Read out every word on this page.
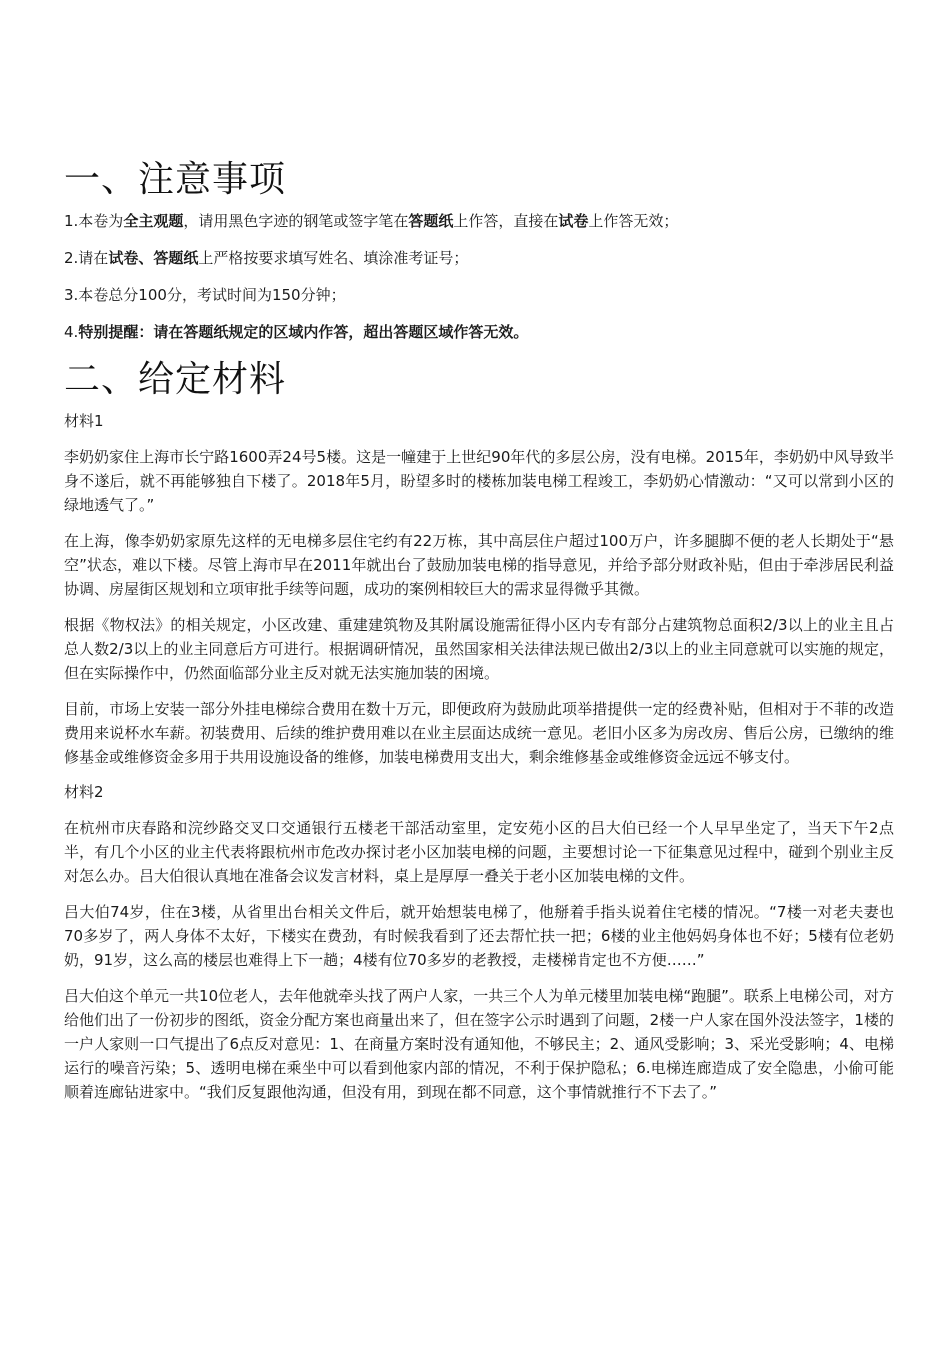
一、注意事项

1.本卷为全主观题，请用黑色字迹的钢笔或签字笔在答题纸上作答，直接在试卷上作答无效；

2.请在试卷、答题纸上严格按要求填写姓名、填涂准考证号；

3.本卷总分100分，考试时间为150分钟；

4.特别提醒：请在答题纸规定的区域内作答，超出答题区域作答无效。

二、给定材料

材料1

李奶奶家住上海市长宁路1600弄24号5楼。这是一幢建于上世纪90年代的多层公房，没有电梯。2015年，李奶奶中风导致半身不遂后，就不再能够独自下楼了。2018年5月，盼望多时的楼栋加装电梯工程竣工，李奶奶心情激动：“又可以常到小区的绿地透气了。”

在上海，像李奶奶家原先这样的无电梯多层住宅约有22万栋，其中高层住户超过100万户，许多腿脚不便的老人长期处于“悬空”状态，难以下楼。尽管上海市早在2011年就出台了鼓励加装电梯的指导意见，并给予部分财政补贴，但由于牵涉居民利益协调、房屋街区规划和立项审批手续等问题，成功的案例相较巨大的需求显得微乎其微。

根据《物权法》的相关规定，小区改建、重建建筑物及其附属设施需征得小区内专有部分占建筑物总面积2/3以上的业主且占总人数2/3以上的业主同意后方可进行。根据调研情况，虽然国家相关法律法规已做出2/3以上的业主同意就可以实施的规定，但在实际操作中，仍然面临部分业主反对就无法实施加装的困境。

目前，市场上安装一部分外挂电梯综合费用在数十万元，即便政府为鼓励此项举措提供一定的经费补贴，但相对于不菲的改造费用来说杯水车薪。初装费用、后续的维护费用难以在业主层面达成统一意见。老旧小区多为房改房、售后公房，已缴纳的维修基金或维修资金多用于共用设施设备的维修，加装电梯费用支出大，剩余维修基金或维修资金远远不够支付。

材料2

在杭州市庆春路和浣纱路交叉口交通银行五楼老干部活动室里，定安苑小区的吕大伯已经一个人早早坐定了，当天下午2点半，有几个小区的业主代表将跟杭州市危改办探讨老小区加装电梯的问题，主要想讨论一下征集意见过程中，碰到个别业主反对怎么办。吕大伯很认真地在准备会议发言材料，桌上是厚厚一叠关于老小区加装电梯的文件。

吕大伯74岁，住在3楼，从省里出台相关文件后，就开始想装电梯了，他掰着手指头说着住宅楼的情况。“7楼一对老夫妻也70多岁了，两人身体不太好，下楼实在费劲，有时候我看到了还去帮忙扶一把；6楼的业主他妈妈身体也不好；5楼有位老奶奶，91岁，这么高的楼层也难得上下一趟；4楼有位70多岁的老教授，走楼梯肯定也不方便……”

吕大伯这个单元一共10位老人，去年他就牵头找了两户人家，一共三个人为单元楼里加装电梯“跑腿”。联系上电梯公司，对方给他们出了一份初步的图纸，资金分配方案也商量出来了，但在签字公示时遇到了问题，2楼一户人家在国外没法签字，1楼的一户人家则一口气提出了6点反对意见：1、在商量方案时没有通知他，不够民主；2、通风受影响；3、采光受影响；4、电梯运行的噪音污染；5、透明电梯在乘坐中可以看到他家内部的情况，不利于保护隐私；6.电梯连廊造成了安全隐患，小偷可能顺着连廊钻进家中。“我们反复跟他沟通，但没有用，到现在都不同意，这个事情就推行不下去了。”
